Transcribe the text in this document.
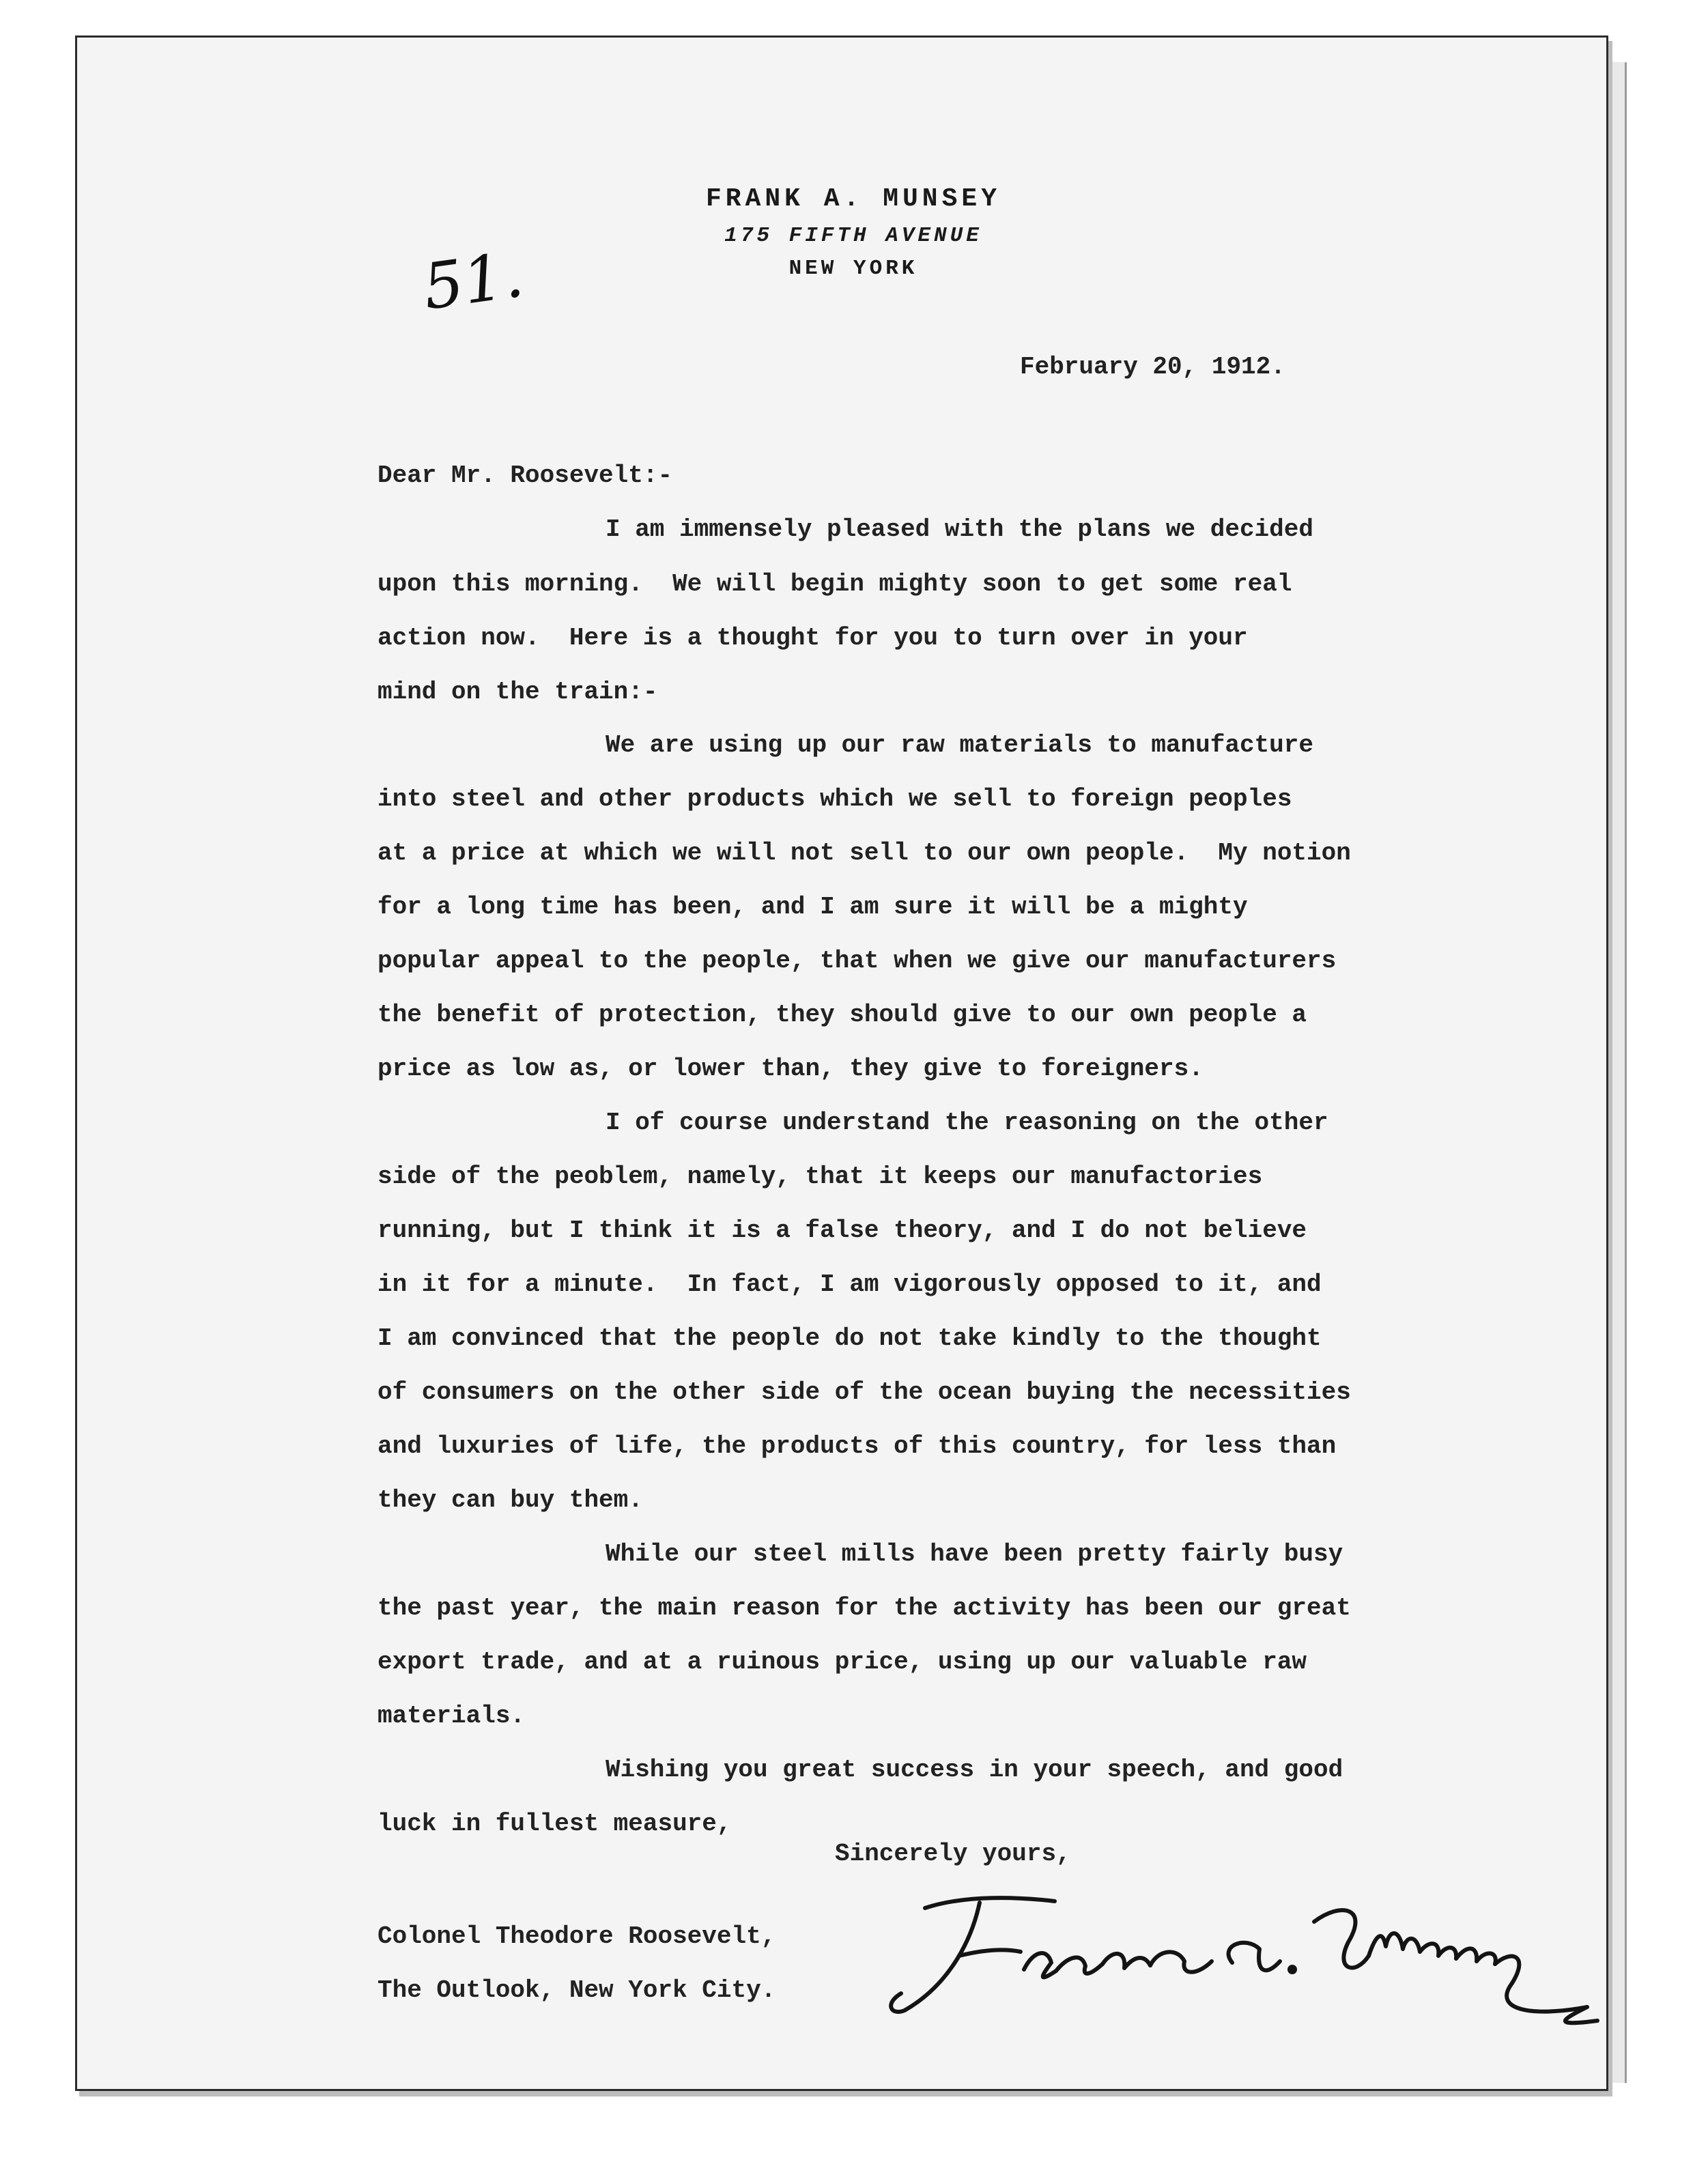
51.
FRANK A. MUNSEY
175 FIFTH AVENUE
NEW YORK
February 20, 1912.
Dear Mr. Roosevelt:-
I am immensely pleased with the plans we decided
upon this morning.  We will begin mighty soon to get some real
action now.  Here is a thought for you to turn over in your
mind on the train:-
We are using up our raw materials to manufacture
into steel and other products which we sell to foreign peoples
at a price at which we will not sell to our own people.  My notion
for a long time has been, and I am sure it will be a mighty
popular appeal to the people, that when we give our manufacturers
the benefit of protection, they should give to our own people a
price as low as, or lower than, they give to foreigners.
I of course understand the reasoning on the other
side of the peoblem, namely, that it keeps our manufactories
running, but I think it is a false theory, and I do not believe
in it for a minute.  In fact, I am vigorously opposed to it, and
I am convinced that the people do not take kindly to the thought
of consumers on the other side of the ocean buying the necessities
and luxuries of life, the products of this country, for less than
they can buy them.
While our steel mills have been pretty fairly busy
the past year, the main reason for the activity has been our great
export trade, and at a ruinous price, using up our valuable raw
materials.
Wishing you great success in your speech, and good
luck in fullest measure,
Sincerely yours,
Colonel Theodore Roosevelt,
The Outlook, New York City.
